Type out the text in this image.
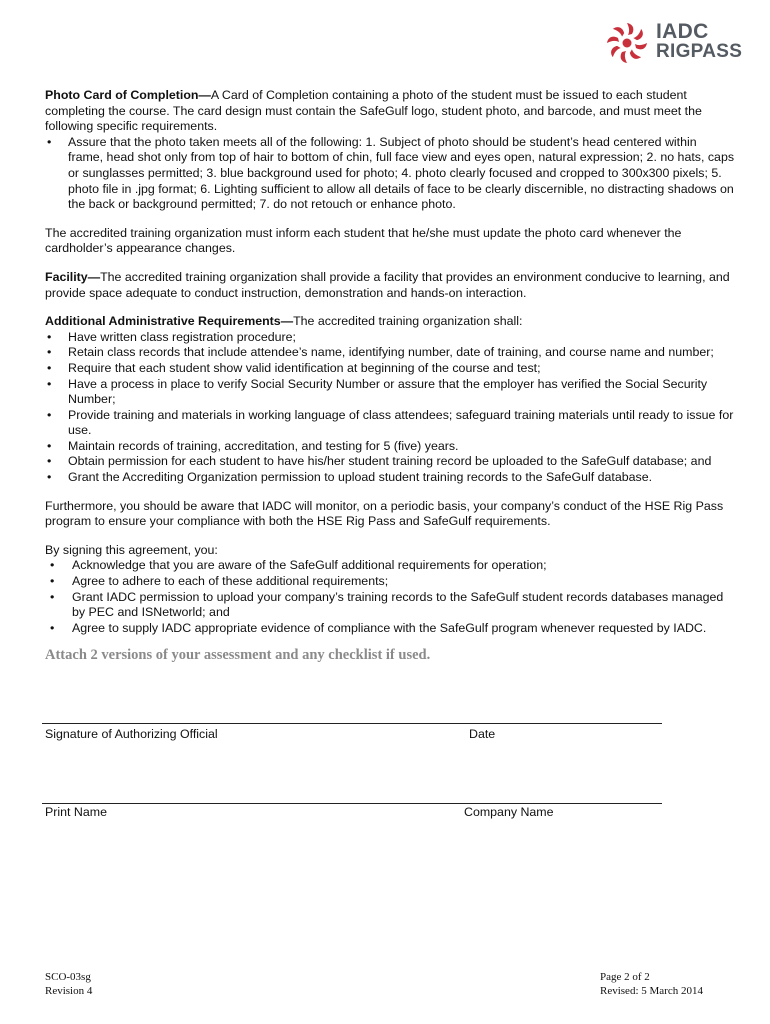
IADC
RIGPASS

Photo Card of Completion—A Card of Completion containing a photo of the student must be issued to each student completing the course. The card design must contain the SafeGulf logo, student photo, and barcode, and must meet the following specific requirements.

• Assure that the photo taken meets all of the following: 1. Subject of photo should be student’s head centered within frame, head shot only from top of hair to bottom of chin, full face view and eyes open, natural expression; 2. no hats, caps or sunglasses permitted; 3. blue background used for photo; 4. photo clearly focused and cropped to 300x300 pixels; 5. photo file in .jpg format; 6. Lighting sufficient to allow all details of face to be clearly discernible, no distracting shadows on the back or background permitted; 7. do not retouch or enhance photo.

The accredited training organization must inform each student that he/she must update the photo card whenever the cardholder’s appearance changes.

Facility—The accredited training organization shall provide a facility that provides an environment conducive to learning, and provide space adequate to conduct instruction, demonstration and hands-on interaction.

Additional Administrative Requirements—The accredited training organization shall:

• Have written class registration procedure;
• Retain class records that include attendee’s name, identifying number, date of training, and course name and number;
• Require that each student show valid identification at beginning of the course and test;
• Have a process in place to verify Social Security Number or assure that the employer has verified the Social Security Number;
• Provide training and materials in working language of class attendees; safeguard training materials until ready to issue for use.
• Maintain records of training, accreditation, and testing for 5 (five) years.
• Obtain permission for each student to have his/her student training record be uploaded to the SafeGulf database; and
• Grant the Accrediting Organization permission to upload student training records to the SafeGulf database.

Furthermore, you should be aware that IADC will monitor, on a periodic basis, your company’s conduct of the HSE Rig Pass program to ensure your compliance with both the HSE Rig Pass and SafeGulf requirements.

By signing this agreement, you:

• Acknowledge that you are aware of the SafeGulf additional requirements for operation;
• Agree to adhere to each of these additional requirements;
• Grant IADC permission to upload your company’s training records to the SafeGulf student records databases managed by PEC and ISNetworld; and
• Agree to supply IADC appropriate evidence of compliance with the SafeGulf program whenever requested by IADC.

Attach 2 versions of your assessment and any checklist if used.

Signature of Authorizing Official	Date
Print Name	Company Name
SCO-03sg
Revision 4
Page 2 of 2
Revised: 5 March 2014
